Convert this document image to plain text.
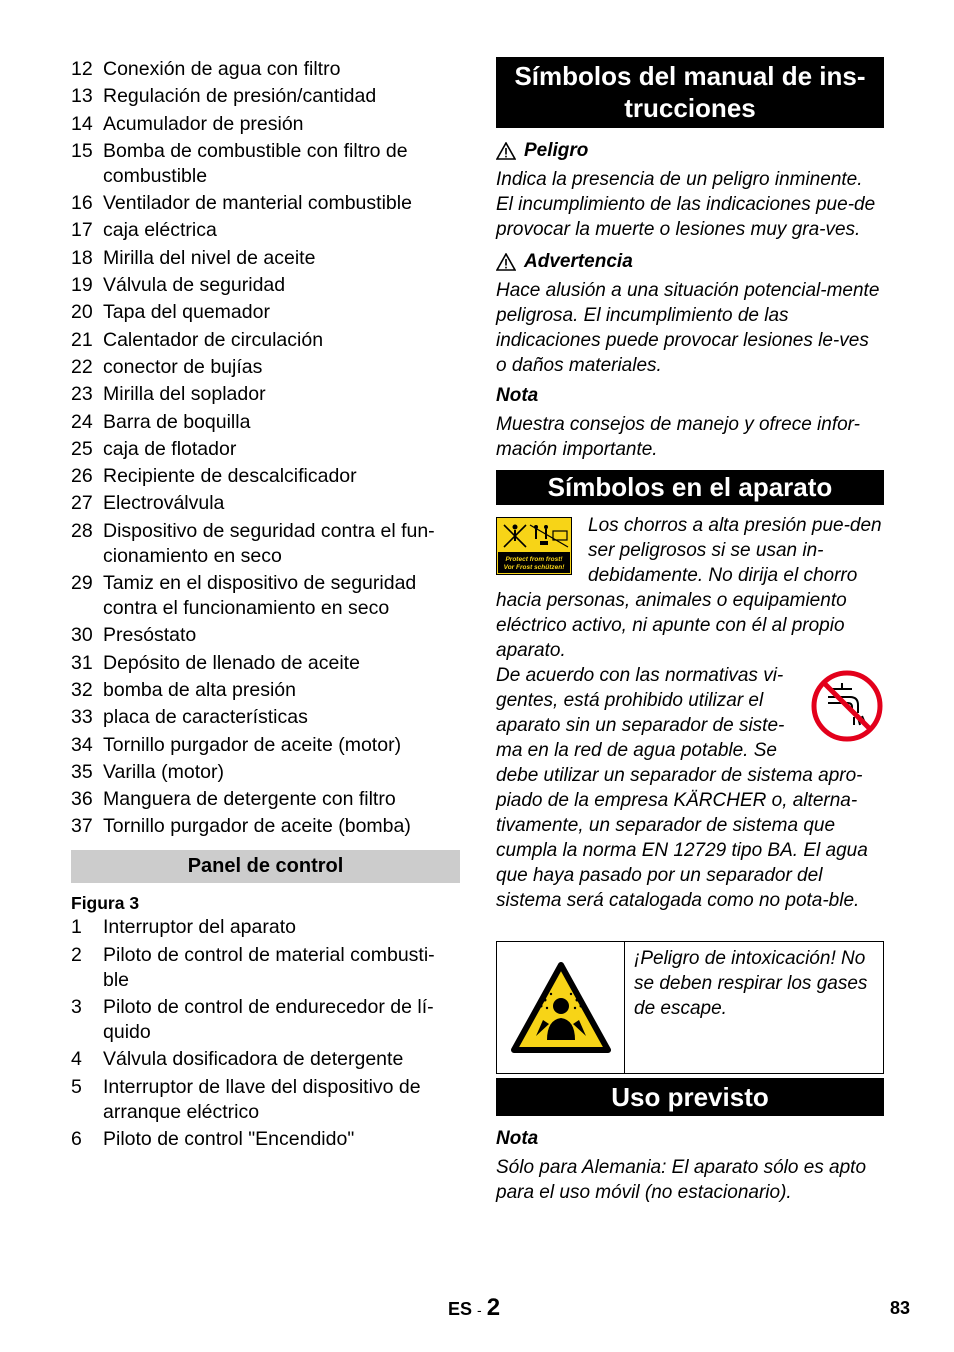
12 Conexión de agua con filtro
13 Regulación de presión/cantidad
14 Acumulador de presión
15 Bomba de combustible con filtro de combustible
16 Ventilador de manterial combustible
17 caja eléctrica
18 Mirilla del nivel de aceite
19 Válvula de seguridad
20 Tapa del quemador
21 Calentador de circulación
22 conector de bujías
23 Mirilla del soplador
24 Barra de boquilla
25 caja de flotador
26 Recipiente de descalcificador
27 Electroválvula
28 Dispositivo de seguridad contra el fun-cionamiento en seco
29 Tamiz en el dispositivo de seguridad contra el funcionamiento en seco
30 Presóstato
31 Depósito de llenado de aceite
32 bomba de alta presión
33 placa de características
34 Tornillo purgador de aceite (motor)
35 Varilla (motor)
36 Manguera de detergente con filtro
37 Tornillo purgador de aceite (bomba)
Panel de control
Figura 3
1	Interruptor del aparato
2	Piloto de control de material combusti-ble
3	Piloto de control de endurecedor de lí-quido
4	Válvula dosificadora de detergente
5	Interruptor de llave del dispositivo de arranque eléctrico
6	Piloto de control "Encendido"
Símbolos del manual de ins-trucciones
Peligro
Indica la presencia de un peligro inminente. El incumplimiento de las indicaciones pue-de provocar la muerte o lesiones muy gra-ves.
Advertencia
Hace alusión a una situación potencial-mente peligrosa. El incumplimiento de las indicaciones puede provocar lesiones le-ves o daños materiales.
Nota
Muestra consejos de manejo y ofrece infor-mación importante.
Símbolos en el aparato
Protect from frost!
Vor Frost schützen!
Los chorros a alta presión pue-den ser peligrosos si se usan in-debidamente. No dirija el chorro hacia personas, animales o equipamiento eléctrico activo, ni apunte con él al propio aparato.
De acuerdo con las normativas vi-gentes, está prohibido utilizar el aparato sin un separador de siste-ma en la red de agua potable. Se debe utilizar un separador de sistema apro-piado de la empresa KÄRCHER o, alterna-tivamente, un separador de sistema que cumpla la norma EN 12729 tipo BA. El agua que haya pasado por un separador del sistema será catalogada como no pota-ble.
¡Peligro de intoxicación! No se deben respirar los gases de escape.
Uso previsto
Nota
Sólo para Alemania: El aparato sólo es apto para el uso móvil (no estacionario).
ES - 2	83
